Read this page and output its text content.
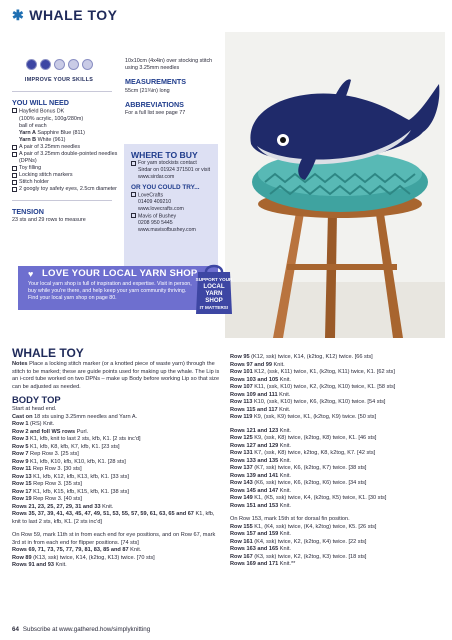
✱ WHALE TOY
IMPROVE YOUR SKILLS
YOU WILL NEED
Hayfield Bonus DK
(100% acrylic, 100g/280m)
ball of each
Yarn A Sapphire Blue (811)
Yarn B White (961)
A pair of 3.25mm needles
A pair of 3.25mm double-pointed needles (DPNs)
Toy filling
Locking stitch markers
Stitch holder
2 googly toy safety eyes, 2.5cm diameter
TENSION
23 sts and 29 rows to measure
10x10cm (4x4in) over stocking stitch using 3.25mm needles
MEASUREMENTS
55cm (21¾in) long
ABBREVIATIONS
For a full list see page 77
WHERE TO BUY
For yarn stockists contact Sirdar on 01924 371501 or visit www.sirdar.com
OR YOU COULD TRY...
LoveCrafts
01409 409210
www.lovecrafts.com
Mavis of Bushey
0208 950 5445
www.mavisofbushey.com
♥ LOVE YOUR LOCAL YARN SHOP
Your local yarn shop is full of inspiration and expertise. Visit in person, buy while you're there, and help keep your yarn community thriving. Find your local yarn shop on page 80.
SUPPORT YOUR
LOCAL
YARN
SHOP
IT MATTERS!
WHALE TOY
Notes Place a locking stitch marker (or a knotted piece of waste yarn) through the stitch to be marked; these are guide points used for making up the whale. The Lip is an i-cord tube worked on two DPNs – make up Body before working Lip so that size can be adjusted as needed.
BODY TOP
Start at head end.
Cast on 18 sts using 3.25mm needles and Yarn A.
Row 1 (RS) Knit.
Row 2 and foll WS rows Purl.
Row 3 K1, kfb, knit to last 2 sts, kfb, K1. [2 sts inc'd]
Row 5 K1, kfb, K8, kfb, K7, kfb, K1. [23 sts]
Row 7 Rep Row 3. [25 sts]
Row 9 K1, kfb, K10, kfb, K10, kfb, K1. [28 sts]
Row 11 Rep Row 3. [30 sts]
Row 13 K1, kfb, K12, kfb, K13, kfb, K1. [33 sts]
Row 15 Rep Row 3. [35 sts]
Row 17 K1, kfb, K15, kfb, K15, kfb, K1. [38 sts]
Row 19 Rep Row 3. [40 sts]
Rows 21, 23, 25, 27, 29, 31 and 33 Knit.
Rows 35, 37, 39, 41, 43, 45, 47, 49, 51, 53, 55, 57, 59, 61, 63, 65 and 67 K1, kfb, knit to last 2 sts, kfb, K1. [2 sts inc'd]
On Row 59, mark 11th st in from each end for eye positions, and on Row 67, mark 3rd st in from each end for flipper positions. [74 sts]
Rows 69, 71, 73, 75, 77, 79, 81, 83, 85 and 87 Knit.
Row 89 (K13, ssk) twice, K14, (k2tog, K13) twice. [70 sts]
Rows 91 and 93 Knit.
Row 95 (K12, ssk) twice, K14, (k2tog, K12) twice. [66 sts]
Rows 97 and 99 Knit.
Row 101 K12, (ssk, K11) twice, K1, (k2tog, K11) twice, K1. [62 sts]
Rows 103 and 105 Knit.
Row 107 K11, (ssk, K10) twice, K2, (k2tog, K10) twice, K1. [58 sts]
Rows 109 and 111 Knit.
Row 113 K10, (ssk, K10) twice, K6, (k2tog, K10) twice. [54 sts]
Rows 115 and 117 Knit.
Row 119 K9, (ssk, K9) twice, K1, (k2tog, K9) twice. [50 sts]
Rows 121 and 123 Knit.
Row 125 K9, (ssk, K8) twice, (k2tog, K8) twice, K1. [46 sts]
Rows 127 and 129 Knit.
Row 131 K7, (ssk, K8) twice, k2tog, K8, k2tog, K7. [42 sts]
Rows 133 and 135 Knit.
Row 137 (K7, ssk) twice, K6, (k2tog, K7) twice. [38 sts]
Rows 139 and 141 Knit.
Row 143 (K6, ssk) twice, K6, (k2tog, K6) twice. [34 sts]
Rows 145 and 147 Knit.
Row 149 K1, (K5, ssk) twice, K4, (k2tog, K5) twice, K1. [30 sts]
Rows 151 and 153 Knit.
On Row 153, mark 15th st for dorsal fin position.
Row 155 K1, (K4, ssk) twice, (K4, k2tog) twice, K5. [26 sts]
Rows 157 and 159 Knit.
Row 161 (K4, ssk) twice, K2, (k2tog, K4) twice. [22 sts]
Rows 163 and 165 Knit.
Row 167 (K3, ssk) twice, K2, (k2tog, K3) twice. [18 sts]
Rows 169 and 171 Knit.**
64 Subscribe at www.gathered.how/simplyknitting
